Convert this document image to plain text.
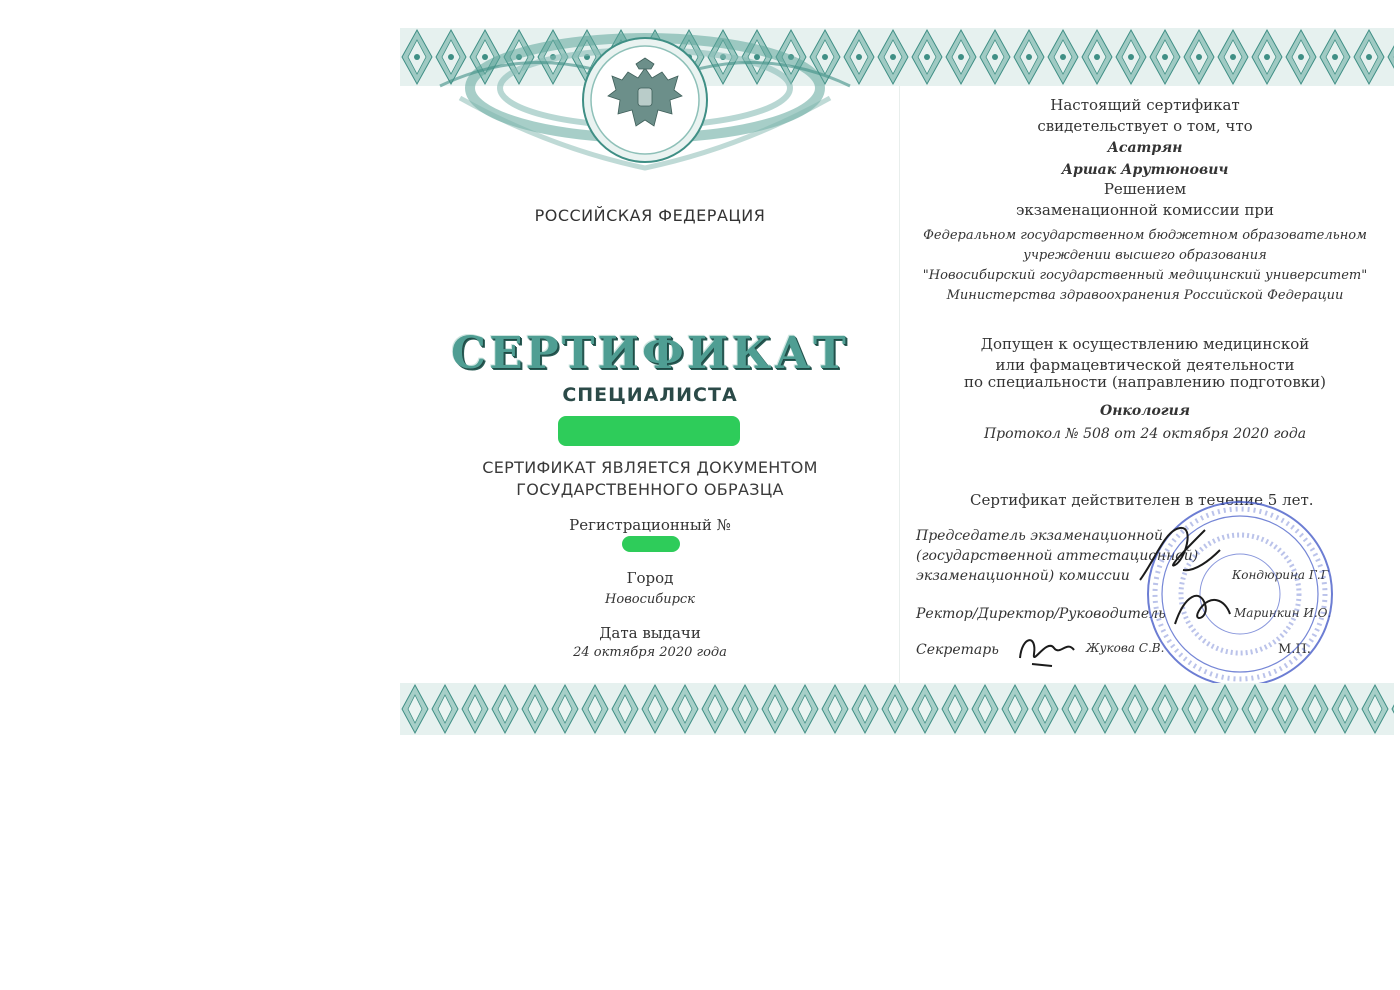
РОССИЙСКАЯ ФЕДЕРАЦИЯ

СЕРТИФИКАТ

СПЕЦИАЛИСТА

СЕРТИФИКАТ ЯВЛЯЕТСЯ ДОКУМЕНТОМ

ГОСУДАРСТВЕННОГО ОБРАЗЦА

Регистрационный №

Город

Новосибирск

Дата выдачи

24 октября 2020 года

Настоящий сертификат

свидетельствует о том, что

Асатрян

Аршак Арутюнович

Решением

экзаменационной комиссии при

Федеральном государственном бюджетном образовательном

учреждении высшего образования

"Новосибирский государственный медицинский университет"

Министерства здравоохранения Российской Федерации

Допущен к осуществлению медицинской

или фармацевтической деятельности

по специальности (направлению подготовки)

Онкология

Протокол № 508 от 24 октября 2020 года

Сертификат действителен в течение 5 лет.

Председатель экзаменационной
(государственной аттестационной)
экзаменационной) комиссии	Кондюрина Г.Г
Ректор/Директор/Руководитель	Маринкин И.О.
Секретарь	Жукова С.В.	М.П.
